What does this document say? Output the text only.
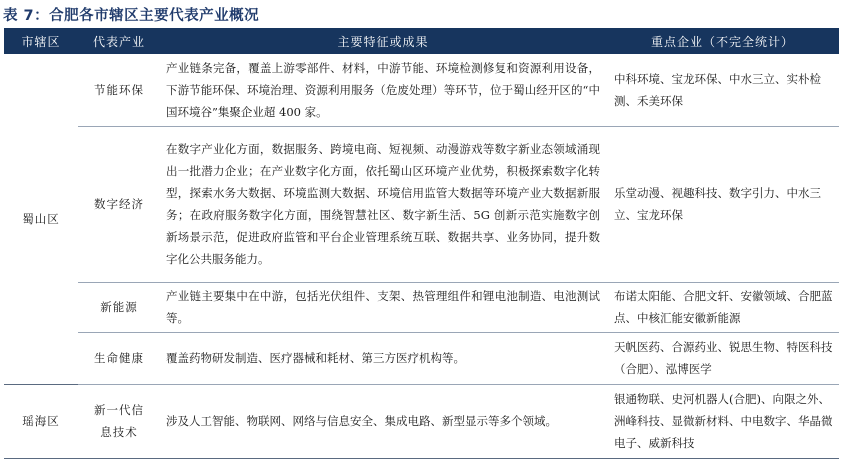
表 7：合肥各市辖区主要代表产业概况
市辖区	代表产业	主要特征或成果	重点企业（不完全统计）
蜀山区	节能环保	产业链条完备，覆盖上游零部件、材料，中游节能、环境检测修复和资源利用设备，下游节能环保、环境治理、资源利用服务（危废处理）等环节，位于蜀山经开区的“中国环境谷”集聚企业超 400 家。	中科环境、宝龙环保、中水三立、实朴检测、禾美环保
	数字经济	在数字产业化方面，数据服务、跨境电商、短视频、动漫游戏等数字新业态领域涌现出一批潜力企业；在产业数字化方面，依托蜀山区环境产业优势，积极探索数字化转型，探索水务大数据、环境监测大数据、环境信用监管大数据等环境产业大数据新服务；在政府服务数字化方面，围绕智慧社区、数字新生活、5G 创新示范实施数字创新场景示范，促进政府监管和平台企业管理系统互联、数据共享、业务协同，提升数字化公共服务能力。	乐堂动漫、视趣科技、数字引力、中水三立、宝龙环保
	新能源	产业链主要集中在中游，包括光伏组件、支架、热管理组件和锂电池制造、电池测试等。	布诺太阳能、合肥文轩、安徽领域、合肥蓝点、中核汇能安徽新能源
	生命健康	覆盖药物研发制造、医疗器械和耗材、第三方医疗机构等。	天帆医药、合源药业、锐思生物、特医科技（合肥）、泓博医学
瑶海区	新一代信息技术	涉及人工智能、物联网、网络与信息安全、集成电路、新型显示等多个领域。	银通物联、史河机器人(合肥)、向限之外、洲峰科技、显微新材料、中电数字、华晶微电子、威新科技
